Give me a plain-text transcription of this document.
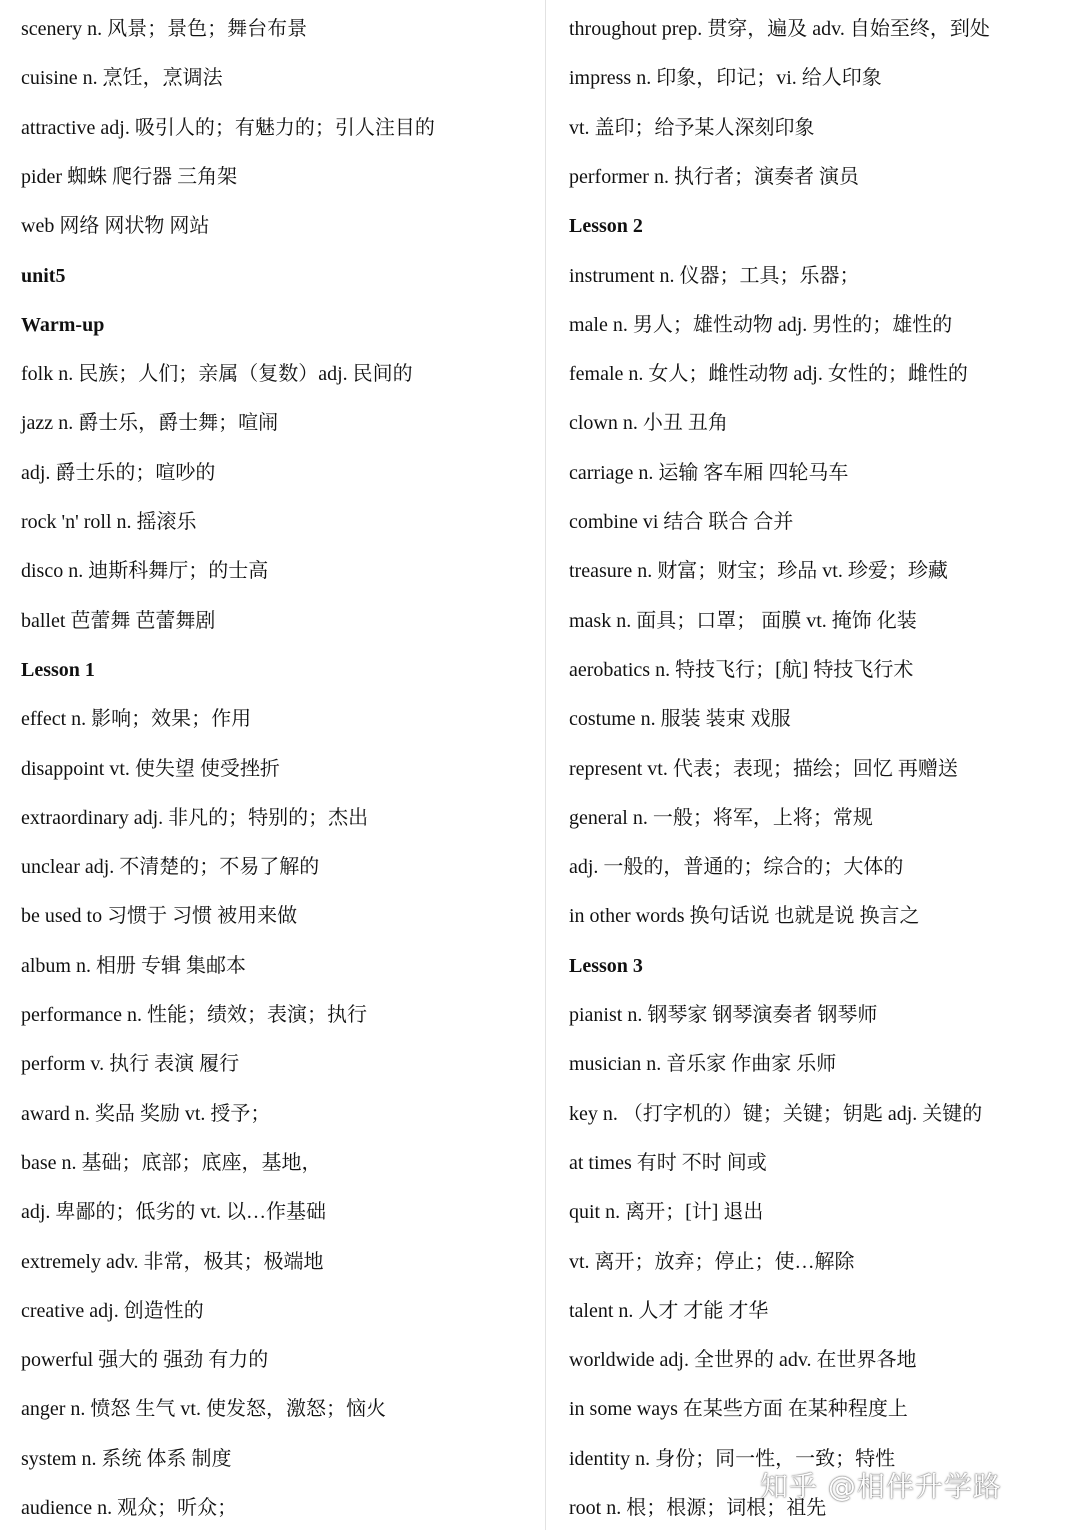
scenery n. 风景；景色；舞台布景
cuisine n. 烹饪，烹调法
attractive adj. 吸引人的；有魅力的；引人注目的
pider 蜘蛛 爬行器 三角架
web 网络 网状物 网站
unit5
Warm-up
folk n. 民族；人们；亲属（复数）adj. 民间的
jazz n. 爵士乐，爵士舞；喧闹
adj. 爵士乐的；喧吵的
rock 'n' roll n. 摇滚乐
disco n. 迪斯科舞厅；的士高
ballet 芭蕾舞 芭蕾舞剧
Lesson 1
effect n. 影响；效果；作用
disappoint vt. 使失望 使受挫折
extraordinary adj. 非凡的；特别的；杰出
unclear adj. 不清楚的；不易了解的
be used to 习惯于 习惯 被用来做
album n. 相册 专辑 集邮本
performance n. 性能；绩效；表演；执行
perform v. 执行 表演 履行
award n. 奖品 奖励 vt. 授予；
base n. 基础；底部；底座，基地，
adj. 卑鄙的；低劣的 vt. 以…作基础
extremely adv. 非常，极其；极端地
creative adj. 创造性的
powerful 强大的 强劲 有力的
anger n. 愤怒 生气 vt. 使发怒，激怒；恼火
system n. 系统 体系 制度
audience n. 观众；听众；
throughout prep. 贯穿，遍及 adv. 自始至终，到处
impress n. 印象，印记；vi. 给人印象
vt. 盖印；给予某人深刻印象
performer n. 执行者；演奏者 演员
Lesson 2
instrument n. 仪器；工具；乐器；
male n. 男人；雄性动物 adj. 男性的；雄性的
female n. 女人；雌性动物 adj. 女性的；雌性的
clown n. 小丑 丑角
carriage n. 运输 客车厢 四轮马车
combine vi 结合 联合 合并
treasure n. 财富；财宝；珍品 vt. 珍爱；珍藏
mask n. 面具；口罩； 面膜 vt. 掩饰 化装
aerobatics n. 特技飞行；[航] 特技飞行术
costume n. 服装 装束 戏服
represent vt. 代表；表现；描绘；回忆 再赠送
general n. 一般；将军，上将；常规
adj. 一般的，普通的；综合的；大体的
in other words 换句话说 也就是说 换言之
Lesson 3
pianist n. 钢琴家 钢琴演奏者 钢琴师
musician n. 音乐家 作曲家 乐师
key n. （打字机的）键；关键；钥匙 adj. 关键的
at times 有时 不时 间或
quit n. 离开；[计] 退出
vt. 离开；放弃；停止；使…解除
talent n. 人才 才能 才华
worldwide adj. 全世界的 adv. 在世界各地
in some ways 在某些方面 在某种程度上
identity n. 身份；同一性，一致；特性
root n. 根；根源；词根；祖先
知乎 @相伴升学路
